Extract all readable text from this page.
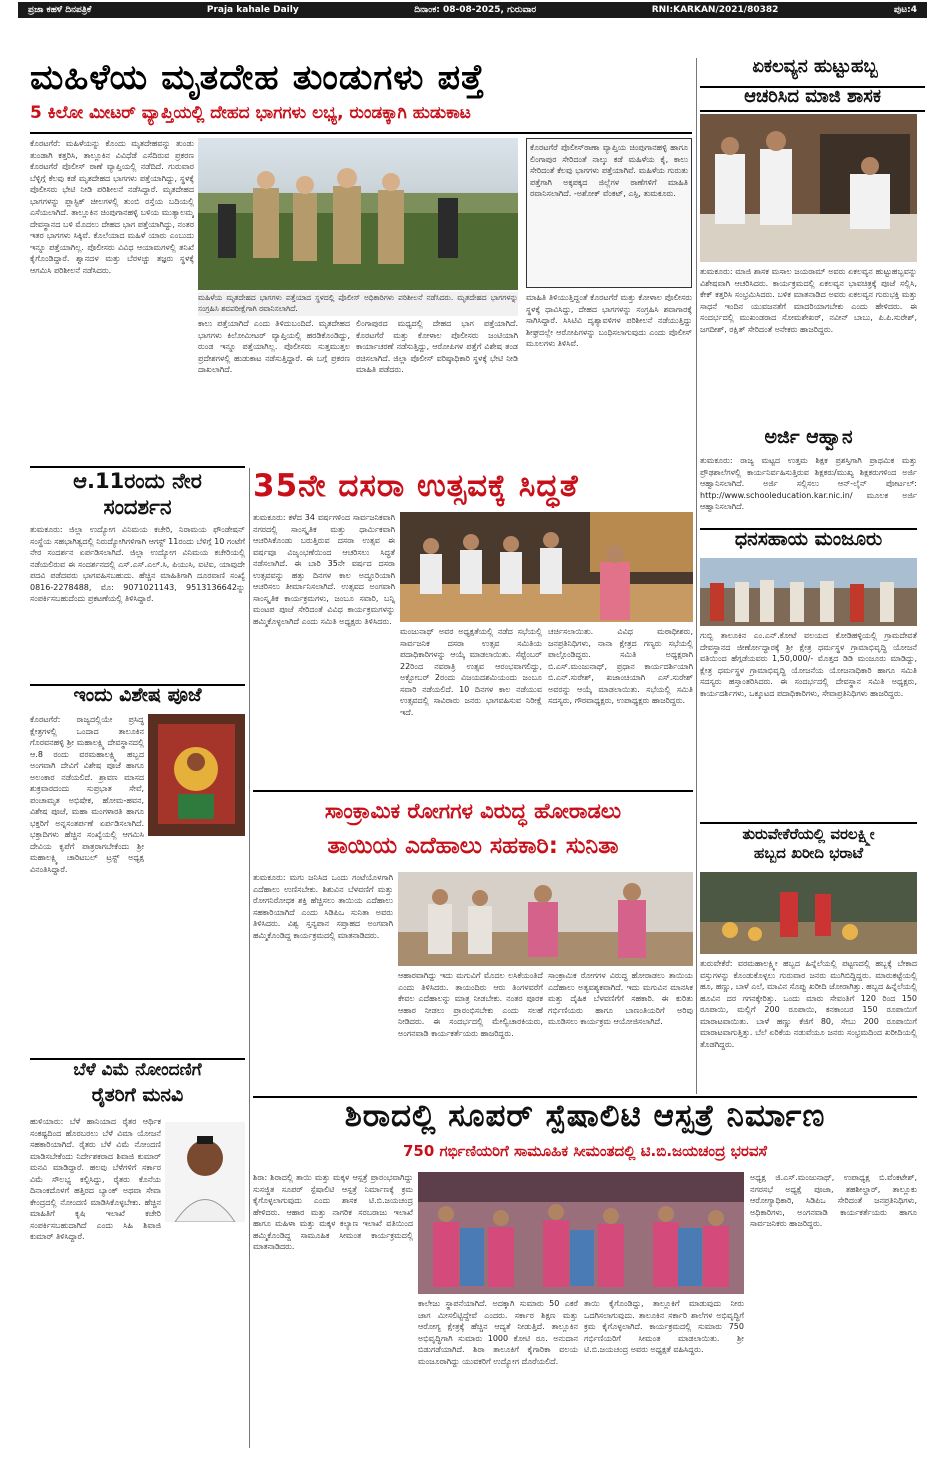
ಪ್ರಜಾ ಕಹಳೆ ದಿನಪತ್ರಿಕೆ	Praja kahale Daily	ದಿನಾಂಕ: 08-08-2025, ಗುರುವಾರ	RNI:KARKAN/2021/80382	ಪುಟ:4
ಮಹಿಳೆಯ ಮೃತದೇಹ ತುಂಡುಗಳು ಪತ್ತೆ
5 ಕಿಲೋ ಮೀಟರ್ ವ್ಯಾಪ್ತಿಯಲ್ಲಿ ದೇಹದ ಭಾಗಗಳು ಲಭ್ಯ, ರುಂಡಕ್ಕಾಗಿ ಹುಡುಕಾಟ
ಕೊರಟಗೆರೆ: ಮಹಿಳೆಯನ್ನು ಕೊಂದು ಮೃತದೇಹವನ್ನು ತುಂಡು ತುಂಡಾಗಿ ಕತ್ತರಿಸಿ, ತಾಲ್ಲೂಕಿನ ವಿವಿಧೆಡೆ ಎಸೆದಿರುವ ಪ್ರಕರಣ ಕೊರಟಗೆರೆ ಪೊಲೀಸ್ ಠಾಣೆ ವ್ಯಾಪ್ತಿಯಲ್ಲಿ ನಡೆದಿದೆ. ಗುರುವಾರ ಬೆಳ್ಳಿಗ್ಗೆ ಕೆಲವು ಕಡೆ ಮೃತದೇಹದ ಭಾಗಗಳು ಪತ್ತೆಯಾಗಿದ್ದು, ಸ್ಥಳಕ್ಕೆ ಪೊಲೀಸರು ಭೇಟಿ ನೀಡಿ ಪರಿಶೀಲನೆ ನಡೆಸಿದ್ದಾರೆ. ಮೃತದೇಹದ ಭಾಗಗಳನ್ನು ಪ್ಲಾಸ್ಟಿಕ್ ಚೀಲಗಳಲ್ಲಿ ತುಂಬಿ ರಸ್ತೆಯ ಬದಿಯಲ್ಲಿ ಎಸೆಯಲಾಗಿದೆ. ತಾಲ್ಲೂಕಿನ ಚಿಂಪುಗಾನಹಳ್ಳಿ ಬಳಿಯ ಮುತ್ಯಾಲಮ್ಮ ದೇವಸ್ಥಾನದ ಬಳಿ ಮೊದಲು ದೇಹದ ಭಾಗ ಪತ್ತೆಯಾಗಿದ್ದು, ನಂತರ ಇತರ ಭಾಗಗಳು ಸಿಕ್ಕಿವೆ. ಕೊಲೆಯಾದ ಮಹಿಳೆ ಯಾರು ಎಂಬುದು ಇನ್ನೂ ಪತ್ತೆಯಾಗಿಲ್ಲ. ಪೊಲೀಸರು ವಿವಿಧ ಆಯಾಮಗಳಲ್ಲಿ ತನಿಖೆ ಕೈಗೊಂಡಿದ್ದಾರೆ. ಶ್ವಾನದಳ ಮತ್ತು ಬೆರಳಚ್ಚು ತಜ್ಞರು ಸ್ಥಳಕ್ಕೆ ಆಗಮಿಸಿ ಪರಿಶೀಲನೆ ನಡೆಸಿದರು.
ಮಹಿಳೆಯ ಮೃತದೇಹದ ಭಾಗಗಳು ಪತ್ತೆಯಾದ ಸ್ಥಳದಲ್ಲಿ ಪೊಲೀಸ್ ಅಧಿಕಾರಿಗಳು ಪರಿಶೀಲನೆ ನಡೆಸಿದರು. ಮೃತದೇಹದ ಭಾಗಗಳನ್ನು ಸಂಗ್ರಹಿಸಿ ಶವಪರೀಕ್ಷೆಗಾಗಿ ರವಾನಿಸಲಾಗಿದೆ.
ಕಾಲು ಪತ್ತೆಯಾಗಿದೆ ಎಂದು ತಿಳಿದುಬಂದಿದೆ. ಮೃತದೇಹದ ಭಾಗಗಳು ಕಿಲೋಮೀಟರ್ ವ್ಯಾಪ್ತಿಯಲ್ಲಿ ಹರಡಿಕೊಂಡಿದ್ದು, ರುಂಡ ಇನ್ನೂ ಪತ್ತೆಯಾಗಿಲ್ಲ. ಪೊಲೀಸರು ಸುತ್ತಮುತ್ತಲ ಪ್ರದೇಶಗಳಲ್ಲಿ ಹುಡುಕಾಟ ನಡೆಸುತ್ತಿದ್ದಾರೆ. ಈ ಬಗ್ಗೆ ಪ್ರಕರಣ ದಾಖಲಾಗಿದೆ.
ಲಿಂಗಾಪುರದ ಮಧ್ಯದಲ್ಲಿ ದೇಹದ ಭಾಗ ಪತ್ತೆಯಾಗಿದೆ. ಕೊರಟಗೆರೆ ಮತ್ತು ಕೋಳಾಲ ಪೊಲೀಸರು ಜಂಟಿಯಾಗಿ ಕಾರ್ಯಾಚರಣೆ ನಡೆಸುತ್ತಿದ್ದು, ಆರೋಪಿಗಳ ಪತ್ತೆಗೆ ವಿಶೇಷ ತಂಡ ರಚಿಸಲಾಗಿದೆ. ಜಿಲ್ಲಾ ಪೊಲೀಸ್ ವರಿಷ್ಠಾಧಿಕಾರಿ ಸ್ಥಳಕ್ಕೆ ಭೇಟಿ ನೀಡಿ ಮಾಹಿತಿ ಪಡೆದರು.
ಕೊರಟಗೆರೆ ಪೊಲೀಸ್‌ಠಾಣಾ ವ್ಯಾಪ್ತಿಯ ಚಿಂಪುಗಾನಹಳ್ಳಿ ಹಾಗೂ ಲಿಂಗಾಪುರ ಸೇರಿದಂತೆ ನಾಲ್ಕು ಕಡೆ ಮಹಿಳೆಯ ಕೈ, ಕಾಲು ಸೇರಿದಂತೆ ಕೆಲವು ಭಾಗಗಳು ಪತ್ತೆಯಾಗಿವೆ. ಮಹಿಳೆಯ ಗುರುತು ಪತ್ತೆಗಾಗಿ ಅಕ್ಕಪಕ್ಕದ ಜಿಲ್ಲೆಗಳ ಠಾಣೆಗಳಿಗೆ ಮಾಹಿತಿ ರವಾನಿಸಲಾಗಿದೆ. -ಅಶೋಕ್ ವೆಂಕಟ್, ಎಸ್ಪಿ, ತುಮಕೂರು.
ಮಾಹಿತಿ ತಿಳಿಯುತ್ತಿದ್ದಂತೆ ಕೊರಟಗೆರೆ ಮತ್ತು ಕೋಳಾಲ ಪೊಲೀಸರು ಸ್ಥಳಕ್ಕೆ ಧಾವಿಸಿದ್ದು, ದೇಹದ ಭಾಗಗಳನ್ನು ಸಂಗ್ರಹಿಸಿ ಶವಾಗಾರಕ್ಕೆ ಸಾಗಿಸಿದ್ದಾರೆ. ಸಿಸಿಟಿವಿ ದೃಶ್ಯಾವಳಿಗಳ ಪರಿಶೀಲನೆ ನಡೆಯುತ್ತಿದ್ದು ಶೀಘ್ರದಲ್ಲೇ ಆರೋಪಿಗಳನ್ನು ಬಂಧಿಸಲಾಗುವುದು ಎಂದು ಪೊಲೀಸ್ ಮೂಲಗಳು ತಿಳಿಸಿವೆ.
ಏಕಲವ್ಯನ ಹುಟ್ಟುಹಬ್ಬ
ಆಚರಿಸಿದ ಮಾಜಿ ಶಾಸಕ
ತುಮಕೂರು: ಮಾಜಿ ಶಾಸಕ ಮಸಾಲ ಜಯರಾಮ್ ಅವರು ಏಕಲವ್ಯನ ಹುಟ್ಟುಹಬ್ಬವನ್ನು ವಿಶೇಷವಾಗಿ ಆಚರಿಸಿದರು. ಕಾರ್ಯಕ್ರಮದಲ್ಲಿ ಏಕಲವ್ಯನ ಭಾವಚಿತ್ರಕ್ಕೆ ಪೂಜೆ ಸಲ್ಲಿಸಿ, ಕೇಕ್ ಕತ್ತರಿಸಿ ಸಂಭ್ರಮಿಸಿದರು. ಬಳಿಕ ಮಾತನಾಡಿದ ಅವರು ಏಕಲವ್ಯನ ಗುರುಭಕ್ತಿ ಮತ್ತು ಸಾಧನೆ ಇಂದಿನ ಯುವಜನತೆಗೆ ಮಾದರಿಯಾಗಬೇಕು ಎಂದು ಹೇಳಿದರು. ಈ ಸಂದರ್ಭದಲ್ಲಿ ಮುಖಂಡರಾದ ಸೋಮಶೇಖರ್, ನವೀನ್ ಬಾಬು, ಪಿ.ಪಿ.ಸುರೇಶ್, ಜಗದೀಶ್, ರಕ್ಷಿತ್ ಸೇರಿದಂತೆ ಅನೇಕರು ಹಾಜರಿದ್ದರು.
ಅರ್ಜಿ ಆಹ್ವಾನ
ತುಮಕೂರು: ರಾಜ್ಯ ಮಟ್ಟದ ಉತ್ತಮ ಶಿಕ್ಷಕ ಪ್ರಶಸ್ತಿಗಾಗಿ ಪ್ರಾಥಮಿಕ ಮತ್ತು ಪ್ರೌಢಶಾಲೆಗಳಲ್ಲಿ ಕಾರ್ಯನಿರ್ವಹಿಸುತ್ತಿರುವ ಶಿಕ್ಷಕರು/ಮುಖ್ಯ ಶಿಕ್ಷಕರುಗಳಿಂದ ಅರ್ಜಿ ಆಹ್ವಾನಿಸಲಾಗಿದೆ. ಅರ್ಜಿ ಸಲ್ಲಿಸಲು ಆನ್-ಲೈನ್ ಪೋರ್ಟಲ್: http://www.schooleducation.kar.nic.in/ ಮೂಲಕ ಅರ್ಜಿ ಆಹ್ವಾನಿಸಲಾಗಿದೆ.
ಧನಸಹಾಯ ಮಂಜೂರು
ಗುಬ್ಬಿ ತಾಲೂಕಿನ ಎಂ.ಎನ್.ಕೋಟೆ ವಲಯದ ಕೋಡಿಹಳ್ಳಿಯಲ್ಲಿ ಗ್ರಾಮದೇವತೆ ದೇವಸ್ಥಾನದ ಜೀರ್ಣೋದ್ಧಾರಕ್ಕೆ ಶ್ರೀ ಕ್ಷೇತ್ರ ಧರ್ಮಸ್ಥಳ ಗ್ರಾಮಾಭಿವೃದ್ಧಿ ಯೋಜನೆ ವತಿಯಿಂದ ಹೆಗ್ಗಡೆಯವರು 1,50,000/- ಮೊತ್ತದ ಡಿಡಿ ಮಂಜೂರು ಮಾಡಿದ್ದು, ಕ್ಷೇತ್ರ ಧರ್ಮಸ್ಥಳ ಗ್ರಾಮಾಭಿವೃದ್ಧಿ ಯೋಜನೆಯ ಯೋಜನಾಧಿಕಾರಿ ಹಾಗೂ ಸಮಿತಿ ಸದಸ್ಯರು ಹಸ್ತಾಂತರಿಸಿದರು. ಈ ಸಂದರ್ಭದಲ್ಲಿ ದೇವಸ್ಥಾನ ಸಮಿತಿ ಅಧ್ಯಕ್ಷರು, ಕಾರ್ಯದರ್ಶಿಗಳು, ಒಕ್ಕೂಟದ ಪದಾಧಿಕಾರಿಗಳು, ಸೇವಾಪ್ರತಿನಿಧಿಗಳು ಹಾಜರಿದ್ದರು.
ತುರುವೇಕೆರೆಯಲ್ಲಿ ವರಲಕ್ಷ್ಮೀ
ಹಬ್ಬದ ಖರೀದಿ ಭರಾಟೆ
ತುರುವೇಕೆರೆ: ವರಮಹಾಲಕ್ಷ್ಮೀ ಹಬ್ಬದ ಹಿನ್ನೆಲೆಯಲ್ಲಿ ಪಟ್ಟಣದಲ್ಲಿ ಹಬ್ಬಕ್ಕೆ ಬೇಕಾದ ವಸ್ತುಗಳನ್ನು ಕೊಂಡುಕೊಳ್ಳಲು ಗುರುವಾರ ಜನರು ಮುಗಿಬಿದ್ದಿದ್ದರು. ಮಾರುಕಟ್ಟೆಯಲ್ಲಿ ಹೂ, ಹಣ್ಣು, ಬಾಳೆ ಎಲೆ, ಮಾವಿನ ಸೊಪ್ಪು ಖರೀದಿ ಜೋರಾಗಿತ್ತು. ಹಬ್ಬದ ಹಿನ್ನೆಲೆಯಲ್ಲಿ ಹೂವಿನ ದರ ಗಗನಕ್ಕೇರಿತ್ತು. ಒಂದು ಮಾರು ಸೇವಂತಿಗೆ 120 ರಿಂದ 150 ರೂಪಾಯಿ, ಮಲ್ಲಿಗೆ 200 ರೂಪಾಯಿ, ಕನಕಾಂಬರ 150 ರೂಪಾಯಿಗೆ ಮಾರಾಟವಾಯಿತು. ಬಾಳೆ ಹಣ್ಣು ಕೆಜಿಗೆ 80, ಸೇಬು 200 ರೂಪಾಯಿಗೆ ಮಾರಾಟವಾಗುತ್ತಿತ್ತು. ಬೆಲೆ ಏರಿಕೆಯ ನಡುವೆಯೂ ಜನರು ಸಂಭ್ರಮದಿಂದ ಖರೀದಿಯಲ್ಲಿ ತೊಡಗಿದ್ದರು.
ಆ.11ರಂದು ನೇರ
ಸಂದರ್ಶನ
ತುಮಕೂರು: ಜಿಲ್ಲಾ ಉದ್ಯೋಗ ವಿನಿಮಯ ಕಚೇರಿ, ನಿರಾಮಯ ಫೌಂಡೇಷನ್ ಸಂಸ್ಥೆಯ ಸಹಭಾಗಿತ್ವದಲ್ಲಿ ನಿರುದ್ಯೋಗಿಗಳಿಗಾಗಿ ಆಗಸ್ಟ್ 11ರಂದು ಬೆಳಿಗ್ಗೆ 10 ಗಂಟೆಗೆ ನೇರ ಸಂದರ್ಶನ ಏರ್ಪಡಿಸಲಾಗಿದೆ. ಜಿಲ್ಲಾ ಉದ್ಯೋಗ ವಿನಿಮಯ ಕಚೇರಿಯಲ್ಲಿ ನಡೆಯಲಿರುವ ಈ ಸಂದರ್ಶನದಲ್ಲಿ ಎಸ್.ಎಸ್.ಎಲ್.ಸಿ, ಪಿಯುಸಿ, ಐಟಿಐ, ಯಾವುದೇ ಪದವಿ ಪಡೆದವರು ಭಾಗವಹಿಸಬಹುದು. ಹೆಚ್ಚಿನ ಮಾಹಿತಿಗಾಗಿ ದೂರವಾಣಿ ಸಂಖ್ಯೆ 0816-2278488, ಮೊ: 9071021143, 9513136642ನ್ನು ಸಂಪರ್ಕಿಸಬಹುದೆಂದು ಪ್ರಕಟಣೆಯಲ್ಲಿ ತಿಳಿಸಿದ್ದಾರೆ.
ಇಂದು ವಿಶೇಷ ಪೂಜೆ
ಕೊರಟಗೆರೆ: ರಾಜ್ಯದಲ್ಲಿಯೇ ಪ್ರಸಿದ್ಧ ಕ್ಷೇತ್ರಗಳಲ್ಲಿ ಒಂದಾದ ತಾಲೂಕಿನ ಗೊರವನಹಳ್ಳಿ ಶ್ರೀ ಮಹಾಲಕ್ಷ್ಮಿ ದೇವಸ್ಥಾನದಲ್ಲಿ ಆ.8 ರಂದು ವರಮಹಾಲಕ್ಷ್ಮಿ ಹಬ್ಬದ ಅಂಗವಾಗಿ ದೇವಿಗೆ ವಿಶೇಷ ಪೂಜೆ ಹಾಗೂ ಅಲಂಕಾರ ನಡೆಯಲಿದೆ. ಶ್ರಾವಣ ಮಾಸದ ಶುಕ್ರವಾರದಂದು ಸುಪ್ರಭಾತ ಸೇವೆ, ಪಂಚಾಮೃತ ಅಭಿಷೇಕ, ಹೋಮ-ಹವನ, ವಿಶೇಷ ಪೂಜೆ, ಮಹಾ ಮಂಗಳಾರತಿ ಹಾಗೂ ಭಕ್ತರಿಗೆ ಅನ್ನಸಂತರ್ಪಣೆ ಏರ್ಪಡಿಸಲಾಗಿದೆ. ಭಕ್ತಾದಿಗಳು ಹೆಚ್ಚಿನ ಸಂಖ್ಯೆಯಲ್ಲಿ ಆಗಮಿಸಿ ದೇವಿಯ ಕೃಪೆಗೆ ಪಾತ್ರರಾಗಬೇಕೆಂದು ಶ್ರೀ ಮಹಾಲಕ್ಷ್ಮಿ ಚಾರಿಟಬಲ್ ಟ್ರಸ್ಟ್ ಅಧ್ಯಕ್ಷ ವಿನಂತಿಸಿದ್ದಾರೆ.
ಬೆಳೆ ವಿಮೆ ನೋಂದಣಿಗೆ
ರೈತರಿಗೆ ಮನವಿ
ಹುಳಿಯಾರು: ಬೆಳೆ ಹಾನಿಯಾದ ರೈತರ ಆರ್ಥಿಕ ಸಂಕಷ್ಟದಿಂದ ಹೊರಬರಲು ಬೆಳೆ ವಿಮಾ ಯೋಜನೆ ಸಹಕಾರಿಯಾಗಿದೆ. ರೈತರು ಬೆಳೆ ವಿಮೆ ನೋಂದಣಿ ಮಾಡಿಸಬೇಕೆಂದು ನಿರ್ದೇಶಕರಾದ ಶಿವಾಜಿ ಕುಮಾರ್ ಮನವಿ ಮಾಡಿದ್ದಾರೆ. ಹಲವು ಬೆಳೆಗಳಿಗೆ ಸರ್ಕಾರ ವಿಮೆ ಸೌಲಭ್ಯ ಕಲ್ಪಿಸಿದ್ದು, ರೈತರು ಕೊನೆಯ ದಿನಾಂಕದೊಳಗೆ ಹತ್ತಿರದ ಬ್ಯಾಂಕ್ ಅಥವಾ ಸೇವಾ ಕೇಂದ್ರದಲ್ಲಿ ನೋಂದಣಿ ಮಾಡಿಸಿಕೊಳ್ಳಬೇಕು. ಹೆಚ್ಚಿನ ಮಾಹಿತಿಗೆ ಕೃಷಿ ಇಲಾಖೆ ಕಚೇರಿ ಸಂಪರ್ಕಿಸಬಹುದಾಗಿದೆ ಎಂದು ಸಿಹಿ ಶಿವಾಜಿ ಕುಮಾರ್ ತಿಳಿಸಿದ್ದಾರೆ.
35ನೇ ದಸರಾ ಉತ್ಸವಕ್ಕೆ ಸಿದ್ಧತೆ
ತುಮಕೂರು: ಕಳೆದ 34 ವರ್ಷಗಳಿಂದ ಸಾರ್ವಜನಿಕವಾಗಿ ನಗರದಲ್ಲಿ ಸಾಂಸ್ಕೃತಿಕ ಮತ್ತು ಧಾರ್ಮಿಕವಾಗಿ ಆಚರಿಸಿಕೊಂಡು ಬರುತ್ತಿರುವ ದಸರಾ ಉತ್ಸವ ಈ ವರ್ಷವೂ ವಿಜೃಂಭಣೆಯಿಂದ ಆಚರಿಸಲು ಸಿದ್ಧತೆ ನಡೆಸಲಾಗಿದೆ. ಈ ಬಾರಿ 35ನೇ ವರ್ಷದ ದಸರಾ ಉತ್ಸವವನ್ನು ಹತ್ತು ದಿನಗಳ ಕಾಲ ಅದ್ಧೂರಿಯಾಗಿ ಆಚರಿಸಲು ತೀರ್ಮಾನಿಸಲಾಗಿದೆ. ಉತ್ಸವದ ಅಂಗವಾಗಿ ಸಾಂಸ್ಕೃತಿಕ ಕಾರ್ಯಕ್ರಮಗಳು, ಜಂಬೂ ಸವಾರಿ, ಬನ್ನಿ ಮಂಟಪ ಪೂಜೆ ಸೇರಿದಂತೆ ವಿವಿಧ ಕಾರ್ಯಕ್ರಮಗಳನ್ನು ಹಮ್ಮಿಕೊಳ್ಳಲಾಗಿದೆ ಎಂದು ಸಮಿತಿ ಅಧ್ಯಕ್ಷರು ತಿಳಿಸಿದರು.
ಮಂಜುನಾಥ್ ಅವರ ಅಧ್ಯಕ್ಷತೆಯಲ್ಲಿ ನಡೆದ ಸಭೆಯಲ್ಲಿ ಸಾರ್ವಜನಿಕ ದಸರಾ ಉತ್ಸವ ಸಮಿತಿಯ ಪದಾಧಿಕಾರಿಗಳನ್ನು ಆಯ್ಕೆ ಮಾಡಲಾಯಿತು. ಸೆಪ್ಟೆಂಬರ್ 22ರಿಂದ ನವರಾತ್ರಿ ಉತ್ಸವ ಆರಂಭವಾಗಲಿದ್ದು, ಅಕ್ಟೋಬರ್ 2ರಂದು ವಿಜಯದಶಮಿಯಂದು ಜಂಬೂ ಸವಾರಿ ನಡೆಯಲಿದೆ. 10 ದಿನಗಳ ಕಾಲ ನಡೆಯುವ ಉತ್ಸವದಲ್ಲಿ ಸಾವಿರಾರು ಜನರು ಭಾಗವಹಿಸುವ ನಿರೀಕ್ಷೆ ಇದೆ.
ಚರ್ಚಿಸಲಾಯಿತು. ವಿವಿಧ ಮಠಾಧೀಶರು, ಜನಪ್ರತಿನಿಧಿಗಳು, ನಾನಾ ಕ್ಷೇತ್ರದ ಗಣ್ಯರು ಸಭೆಯಲ್ಲಿ ಪಾಲ್ಗೊಂಡಿದ್ದರು. ಸಮಿತಿ ಅಧ್ಯಕ್ಷರಾಗಿ ಬಿ.ಎಸ್.ಮಂಜುನಾಥ್, ಪ್ರಧಾನ ಕಾರ್ಯದರ್ಶಿಯಾಗಿ ಬಿ.ಎನ್.ಸುರೇಶ್, ಖಜಾಂಚಿಯಾಗಿ ಎಸ್.ಸುರೇಶ್ ಅವರನ್ನು ಆಯ್ಕೆ ಮಾಡಲಾಯಿತು. ಸಭೆಯಲ್ಲಿ ಸಮಿತಿ ಸದಸ್ಯರು, ಗೌರವಾಧ್ಯಕ್ಷರು, ಉಪಾಧ್ಯಕ್ಷರು ಹಾಜರಿದ್ದರು.
ಸಾಂಕ್ರಾಮಿಕ ರೋಗಗಳ ವಿರುದ್ಧ ಹೋರಾಡಲು
ತಾಯಿಯ ಎದೆಹಾಲು ಸಹಕಾರಿ: ಸುನಿತಾ
ತುಮಕೂರು: ಮಗು ಜನಿಸಿದ ಒಂದು ಗಂಟೆಯೊಳಗಾಗಿ ಎದೆಹಾಲು ಉಣಿಸಬೇಕು. ಶಿಶುವಿನ ಬೆಳವಣಿಗೆ ಮತ್ತು ರೋಗನಿರೋಧಕ ಶಕ್ತಿ ಹೆಚ್ಚಿಸಲು ತಾಯಿಯ ಎದೆಹಾಲು ಸಹಕಾರಿಯಾಗಿದೆ ಎಂದು ಸಿಡಿಪಿಒ ಸುನಿತಾ ಅವರು ತಿಳಿಸಿದರು. ವಿಶ್ವ ಸ್ತನ್ಯಪಾನ ಸಪ್ತಾಹದ ಅಂಗವಾಗಿ ಹಮ್ಮಿಕೊಂಡಿದ್ದ ಕಾರ್ಯಕ್ರಮದಲ್ಲಿ ಮಾತನಾಡಿದರು.
ಆಹಾರವಾಗಿದ್ದು ಇದು ಮಗುವಿಗೆ ಮೊದಲ ಲಸಿಕೆಯಂತಿದೆ ಎಂದು ತಿಳಿಸಿದರು. ತಾಯಂದಿರು ಆರು ತಿಂಗಳವರೆಗೆ ಕೇವಲ ಎದೆಹಾಲನ್ನು ಮಾತ್ರ ನೀಡಬೇಕು. ನಂತರ ಪೂರಕ ಆಹಾರ ನೀಡಲು ಪ್ರಾರಂಭಿಸಬೇಕು ಎಂದು ಸಲಹೆ ನೀಡಿದರು. ಈ ಸಂದರ್ಭದಲ್ಲಿ ಮೇಲ್ವಿಚಾರಕಿಯರು, ಅಂಗನವಾಡಿ ಕಾರ್ಯಕರ್ತೆಯರು ಹಾಜರಿದ್ದರು.
ಸಾಂಕ್ರಾಮಿಕ ರೋಗಗಳ ವಿರುದ್ಧ ಹೋರಾಡಲು ತಾಯಿಯ ಎದೆಹಾಲು ಅತ್ಯವಶ್ಯಕವಾಗಿದೆ. ಇದು ಮಗುವಿನ ಮಾನಸಿಕ ಮತ್ತು ದೈಹಿಕ ಬೆಳವಣಿಗೆಗೆ ಸಹಕಾರಿ. ಈ ಕುರಿತು ಗರ್ಭಿಣಿಯರು ಹಾಗೂ ಬಾಣಂತಿಯರಿಗೆ ಅರಿವು ಮೂಡಿಸಲು ಕಾರ್ಯಕ್ರಮ ಆಯೋಜಿಸಲಾಗಿದೆ.
ಶಿರಾದಲ್ಲಿ ಸೂಪರ್ ಸ್ಪೆಷಾಲಿಟಿ ಆಸ್ಪತ್ರೆ ನಿರ್ಮಾಣ
750 ಗರ್ಭಿಣಿಯರಿಗೆ ಸಾಮೂಹಿಕ ಸೀಮಂತದಲ್ಲಿ ಟಿ.ಬಿ.ಜಯಚಂದ್ರ ಭರವಸೆ
ಶಿರಾ: ಶಿರಾದಲ್ಲಿ ತಾಯಿ ಮತ್ತು ಮಕ್ಕಳ ಆಸ್ಪತ್ರೆ ಪ್ರಾರಂಭವಾಗಿದ್ದು ಸುಸಜ್ಜಿತ ಸೂಪರ್ ಸ್ಪೆಷಾಲಿಟಿ ಆಸ್ಪತ್ರೆ ನಿರ್ಮಾಣಕ್ಕೆ ಕ್ರಮ ಕೈಗೊಳ್ಳಲಾಗುವುದು ಎಂದು ಶಾಸಕ ಟಿ.ಬಿ.ಜಯಚಂದ್ರ ಹೇಳಿದರು. ಆಹಾರ ಮತ್ತು ನಾಗರಿಕ ಸರಬರಾಜು ಇಲಾಖೆ ಹಾಗೂ ಮಹಿಳಾ ಮತ್ತು ಮಕ್ಕಳ ಕಲ್ಯಾಣ ಇಲಾಖೆ ವತಿಯಿಂದ ಹಮ್ಮಿಕೊಂಡಿದ್ದ ಸಾಮೂಹಿಕ ಸೀಮಂತ ಕಾರ್ಯಕ್ರಮದಲ್ಲಿ ಮಾತನಾಡಿದರು.
ಕಾಲೇಜು ಸ್ಥಾಪನೆಯಾಗಿದೆ. ಅದಕ್ಕಾಗಿ ಸುಮಾರು 50 ಎಕರೆ ಜಾಗ ಮೀಸಲಿಟ್ಟಿದ್ದೇವೆ ಎಂದರು. ಸರ್ಕಾರ ಶಿಕ್ಷಣ ಮತ್ತು ಆರೋಗ್ಯ ಕ್ಷೇತ್ರಕ್ಕೆ ಹೆಚ್ಚಿನ ಆದ್ಯತೆ ನೀಡುತ್ತಿದೆ. ತಾಲ್ಲೂಕಿನ ಅಭಿವೃದ್ಧಿಗಾಗಿ ಸುಮಾರು 1000 ಕೋಟಿ ರೂ. ಅನುದಾನ ಬಿಡುಗಡೆಯಾಗಿದೆ. ಶಿರಾ ತಾಲೂಕಿಗೆ ಕೈಗಾರಿಕಾ ವಲಯ ಮಂಜೂರಾಗಿದ್ದು ಯುವಕರಿಗೆ ಉದ್ಯೋಗ ದೊರೆಯಲಿದೆ.
ತಾಯಿ ಕೈಗೊಂಡಿದ್ದು, ತಾಲ್ಲೂಕಿಗೆ ಮಾಡುವುದು ನೀರು ಒದಗಿಸಲಾಗುವುದು. ತಾಲೂಕಿನ ಸರ್ಕಾರಿ ಶಾಲೆಗಳ ಅಭಿವೃದ್ಧಿಗೆ ಕ್ರಮ ಕೈಗೊಳ್ಳಲಾಗಿದೆ. ಕಾರ್ಯಕ್ರಮದಲ್ಲಿ ಸುಮಾರು 750 ಗರ್ಭಿಣಿಯರಿಗೆ ಸೀಮಂತ ಮಾಡಲಾಯಿತು. ಶ್ರೀ ಟಿ.ಬಿ.ಜಯಚಂದ್ರ ಅವರು ಅಧ್ಯಕ್ಷತೆ ವಹಿಸಿದ್ದರು.
ಅಧ್ಯಕ್ಷ ಜಿ.ಎಸ್.ಮಂಜುನಾಥ್, ಉಪಾಧ್ಯಕ್ಷ ಬಿ.ವೆಂಕಟೇಶ್, ನಗರಸಭೆ ಅಧ್ಯಕ್ಷೆ ಪೂಜಾ, ತಹಶೀಲ್ದಾರ್, ತಾಲ್ಲೂಕು ಆರೋಗ್ಯಾಧಿಕಾರಿ, ಸಿಡಿಪಿಒ ಸೇರಿದಂತೆ ಜನಪ್ರತಿನಿಧಿಗಳು, ಅಧಿಕಾರಿಗಳು, ಅಂಗನವಾಡಿ ಕಾರ್ಯಕರ್ತೆಯರು ಹಾಗೂ ಸಾರ್ವಜನಿಕರು ಹಾಜರಿದ್ದರು.
